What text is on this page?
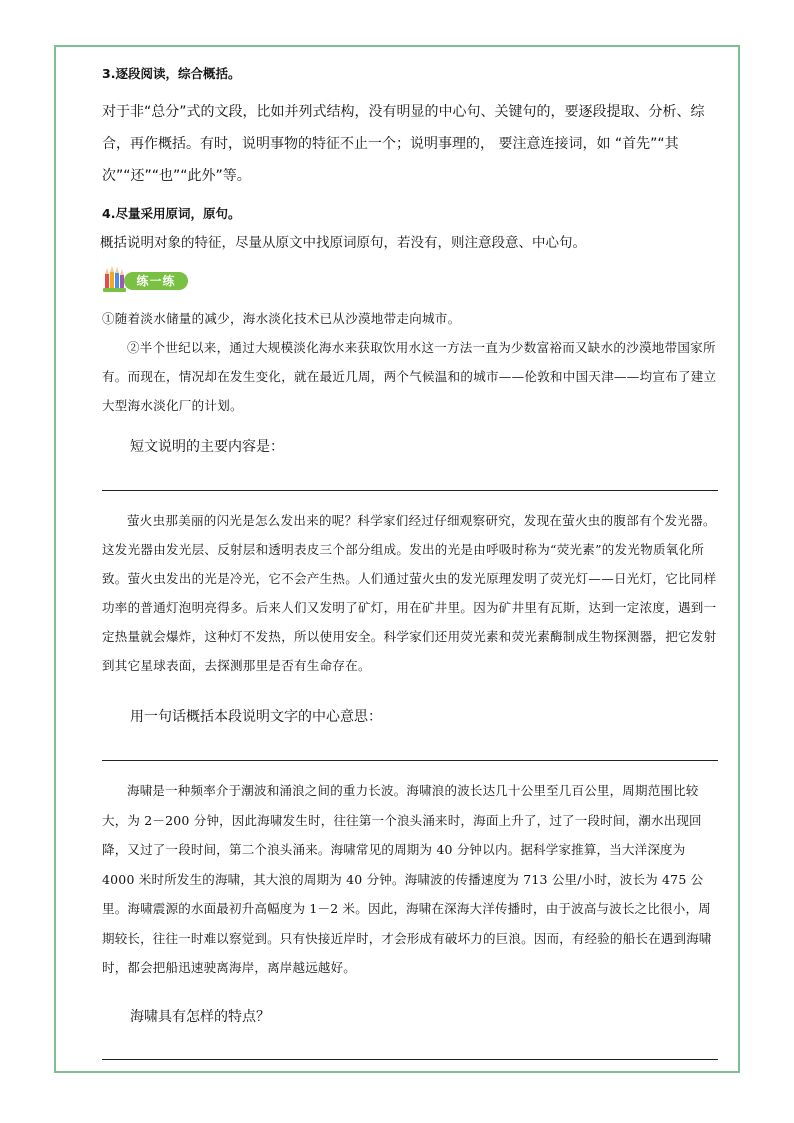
3.逐段阅读，综合概括。

对于非“总分”式的文段，比如并列式结构，没有明显的中心句、关键句的，要逐段提取、分析、综合，再作概括。有时，说明事物的特征不止一个；说明事理的， 要注意连接词，如 “首先”“其次”“还”“也”“此外”等。

4.尽量采用原词，原句。

概括说明对象的特征，尽量从原文中找原词原句，若没有，则注意段意、中心句。

练一练

①随着淡水储量的减少，海水淡化技术已从沙漠地带走向城市。

②半个世纪以来，通过大规模淡化海水来获取饮用水这一方法一直为少数富裕而又缺水的沙漠地带国家所有。而现在，情况却在发生变化，就在最近几周，两个气候温和的城市——伦敦和中国天津——均宣布了建立大型海水淡化厂的计划。

短文说明的主要内容是：

萤火虫那美丽的闪光是怎么发出来的呢？科学家们经过仔细观察研究，发现在萤火虫的腹部有个发光器。这发光器由发光层、反射层和透明表皮三个部分组成。发出的光是由呼吸时称为“荧光素”的发光物质氧化所致。萤火虫发出的光是冷光，它不会产生热。人们通过萤火虫的发光原理发明了荧光灯——日光灯，它比同样功率的普通灯泡明亮得多。后来人们又发明了矿灯，用在矿井里。因为矿井里有瓦斯，达到一定浓度，遇到一定热量就会爆炸，这种灯不发热，所以使用安全。科学家们还用荧光素和荧光素酶制成生物探测器，把它发射到其它星球表面，去探测那里是否有生命存在。

用一句话概括本段说明文字的中心意思：

海啸是一种频率介于潮波和涌浪之间的重力长波。海啸浪的波长达几十公里至几百公里，周期范围比较大，为 2－200 分钟，因此海啸发生时，往往第一个浪头涌来时，海面上升了，过了一段时间，潮水出现回降，又过了一段时间，第二个浪头涌来。海啸常见的周期为 40 分钟以内。据科学家推算，当大洋深度为 4000 米时所发生的海啸，其大浪的周期为 40 分钟。海啸波的传播速度为 713 公里/小时，波长为 475 公里。海啸震源的水面最初升高幅度为 1－2 米。因此，海啸在深海大洋传播时，由于波高与波长之比很小，周期较长，往往一时难以察觉到。只有快接近岸时，才会形成有破坏力的巨浪。因而，有经验的船长在遇到海啸时，都会把船迅速驶离海岸，离岸越远越好。

海啸具有怎样的特点？
